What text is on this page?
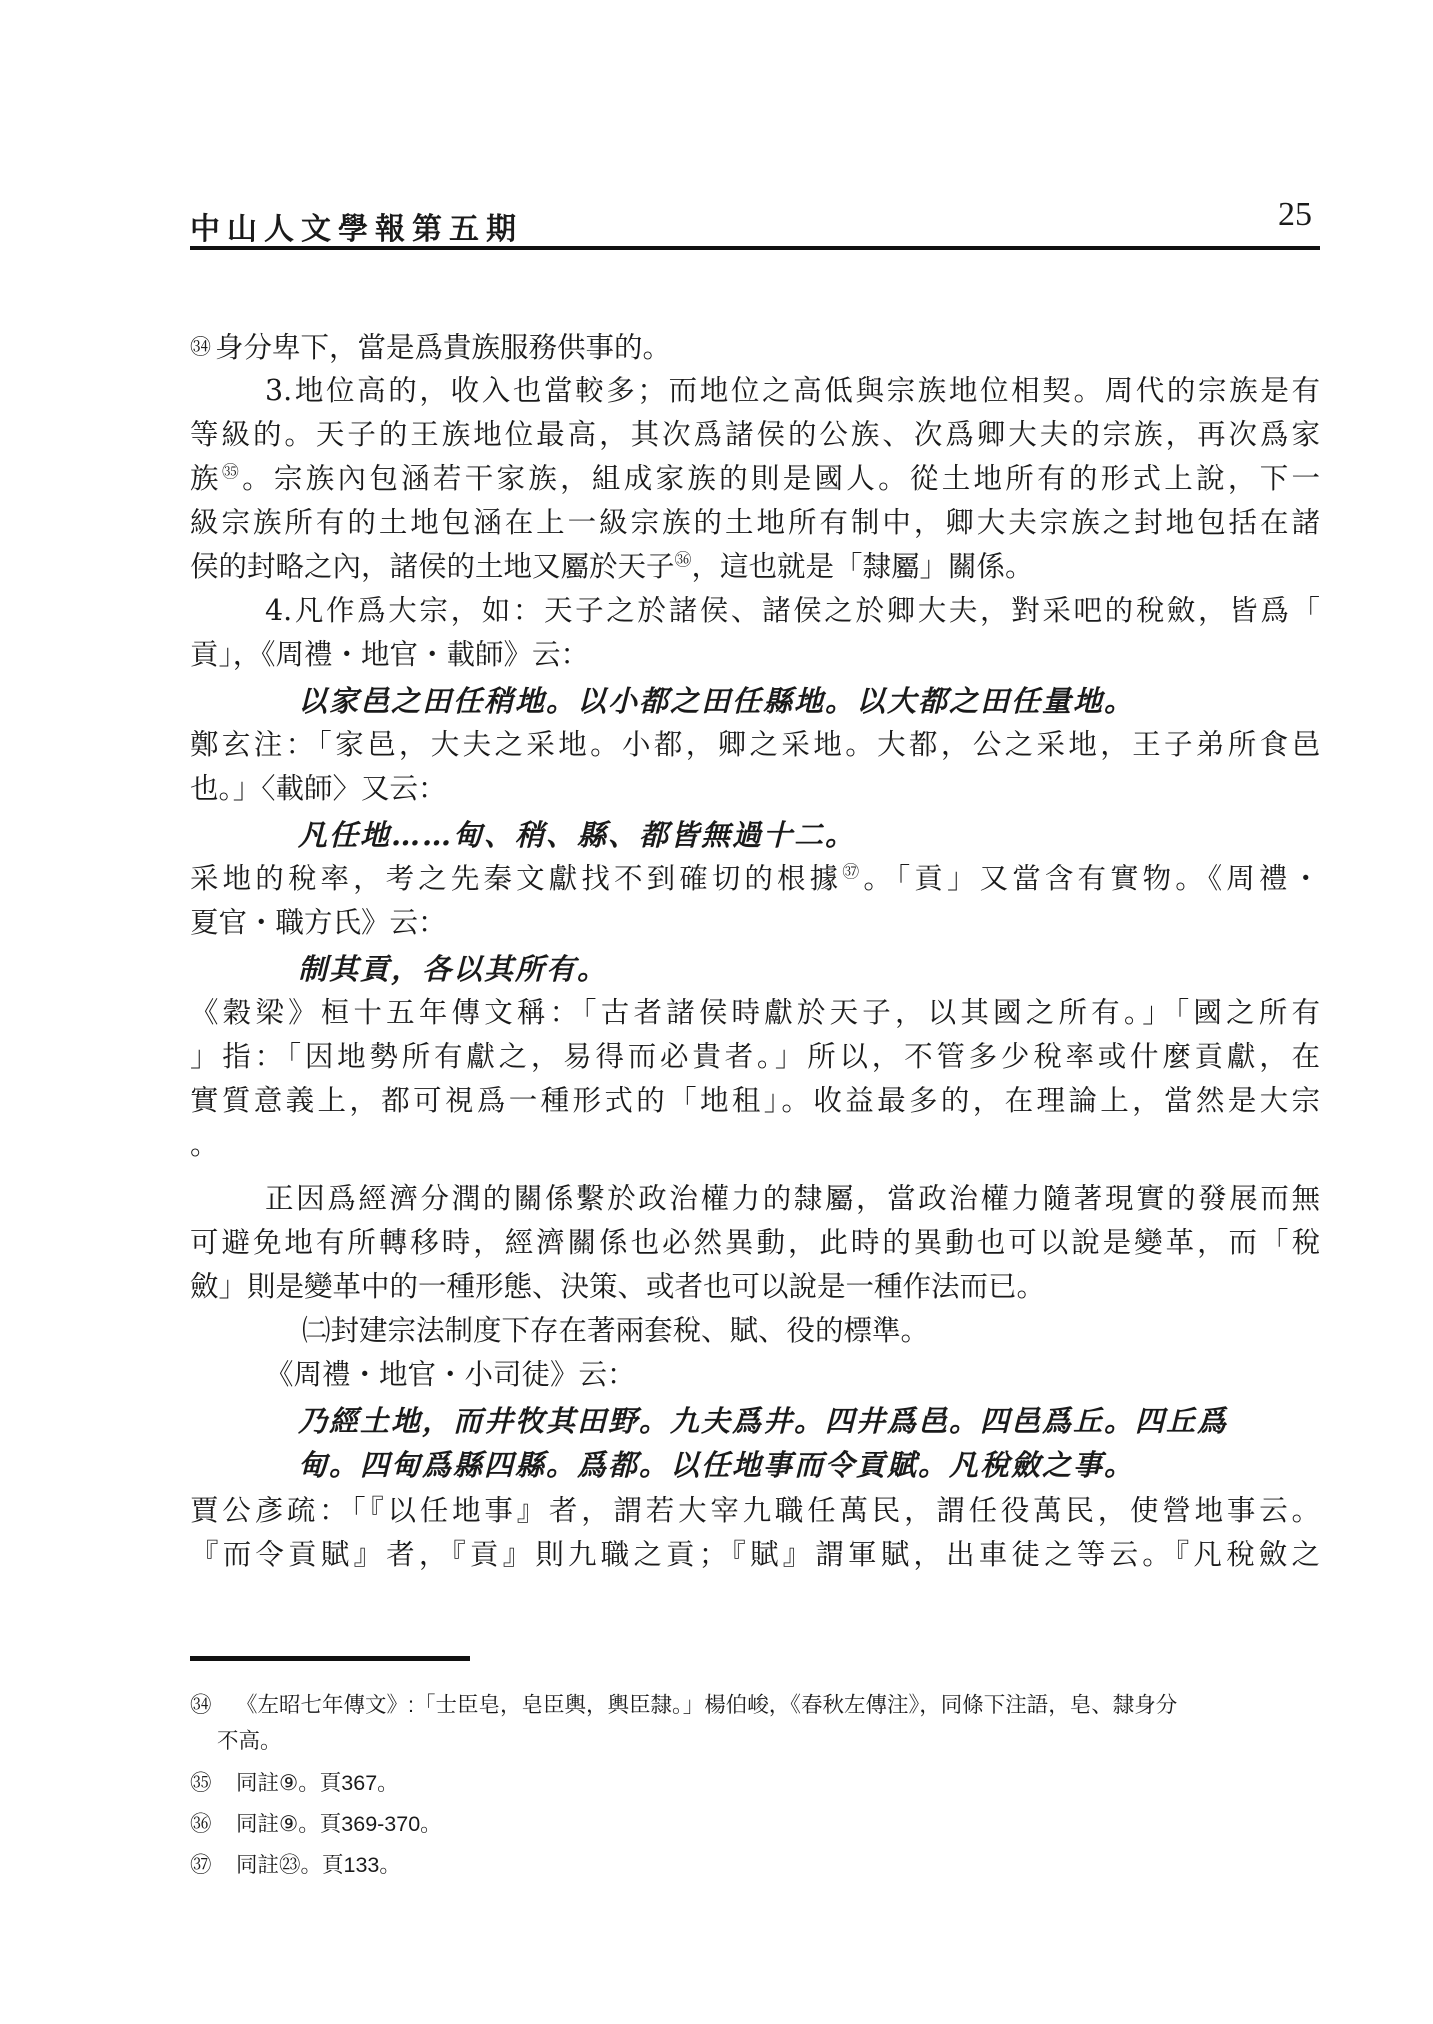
中山人文學報第五期	25
㉞ 身分卑下，當是爲貴族服務供事的。
3.地位高的，收入也當較多；而地位之高低與宗族地位相契。周代的宗族是有
等級的。天子的王族地位最高，其次爲諸侯的公族、次爲卿大夫的宗族，再次爲家
族$^㉟$。宗族內包涵若干家族，組成家族的則是國人。從土地所有的形式上說，下一
級宗族所有的土地包涵在上一級宗族的土地所有制中，卿大夫宗族之封地包括在諸
侯的封略之內，諸侯的土地又屬於天子$^㊱$，這也就是「隸屬」關係。
4.凡作爲大宗，如：天子之於諸侯、諸侯之於卿大夫，對采吧的稅斂，皆爲「
貢」，《周禮・地官・載師》云：
以家邑之田任稍地。以小都之田任縣地。以大都之田任量地。
鄭玄注：「家邑，大夫之采地。小都，卿之采地。大都，公之采地，王子弟所食邑
也。」〈載師〉又云：
凡任地……甸、稍、縣、都皆無過十二。
采地的稅率，考之先秦文獻找不到確切的根據$^㊲$。「貢」又當含有實物。《周禮・
夏官・職方氏》云：
制其貢，各以其所有。
《穀梁》桓十五年傳文稱：「古者諸侯時獻於天子，以其國之所有。」「國之所有
」指：「因地勢所有獻之，易得而必貴者。」所以，不管多少稅率或什麼貢獻，在
實質意義上，都可視爲一種形式的「地租」。收益最多的，在理論上，當然是大宗
。
正因爲經濟分潤的關係繫於政治權力的隸屬，當政治權力隨著現實的發展而無
可避免地有所轉移時，經濟關係也必然異動，此時的異動也可以說是變革，而「稅
斂」則是變革中的一種形態、決策、或者也可以說是一種作法而已。
㈡封建宗法制度下存在著兩套稅、賦、役的標準。
《周禮・地官・小司徒》云：
乃經土地，而井牧其田野。九夫爲井。四井爲邑。四邑爲丘。四丘爲
甸。四甸爲縣四縣。爲都。以任地事而令貢賦。凡稅斂之事。
賈公彥疏：「『以任地事』者，謂若大宰九職任萬民，謂任役萬民，使營地事云。
『而令貢賦』者，『貢』則九職之貢；『賦』謂軍賦，出車徒之等云。『凡稅斂之
㉞ 《左昭七年傳文》:「士臣皂，皂臣輿，輿臣隸。」楊伯峻，《春秋左傳注》，同條下注語，皂、隸身分
不高。
㉟ 同註⑨。頁367。
㊱ 同註⑨。頁369-370。
㊲ 同註㉓。頁133。
